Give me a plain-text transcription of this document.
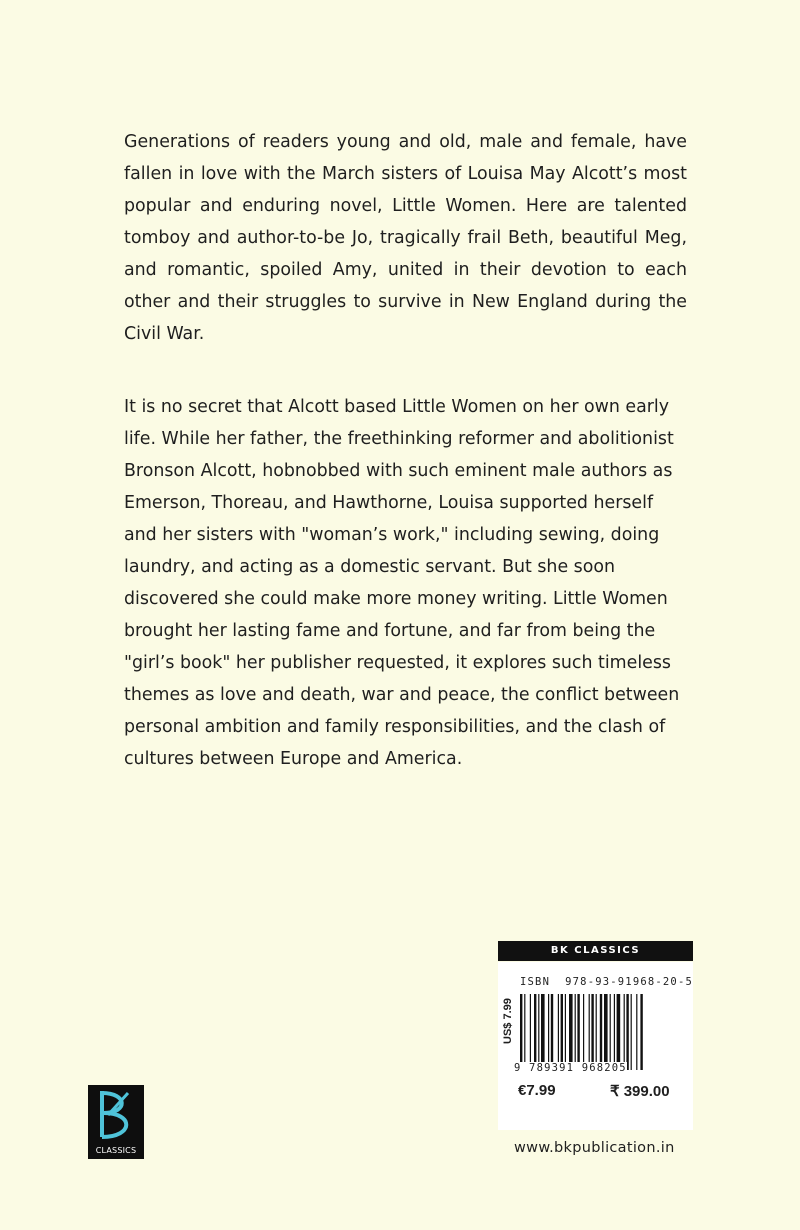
Generations of readers young and old, male and female, have fallen in love with the March sisters of Louisa May Alcott’s most popular and enduring novel, Little Women. Here are talented tomboy and author-to-be Jo, tragically frail Beth, beautiful Meg, and romantic, spoiled Amy, united in their devotion to each other and their struggles to survive in New England during the Civil War.

It is no secret that Alcott based Little Women on her own early life. While her father, the freethinking reformer and abolitionist Bronson Alcott, hobnobbed with such eminent male authors as Emerson, Thoreau, and Hawthorne, Louisa supported herself and her sisters with "woman’s work," including sewing, doing laundry, and acting as a domestic servant. But she soon discovered she could make more money writing. Little Women brought her lasting fame and fortune, and far from being the "girl’s book" her publisher requested, it explores such timeless themes as love and death, war and peace, the conflict between personal ambition and family responsibilities, and the clash of cultures between Europe and America.

CLASSICS
BK CLASSICS
ISBN  978-93-91968-20-5
US$ 7.99
9 789391 968205
€7.99	₹ 399.00
www.bkpublication.in
